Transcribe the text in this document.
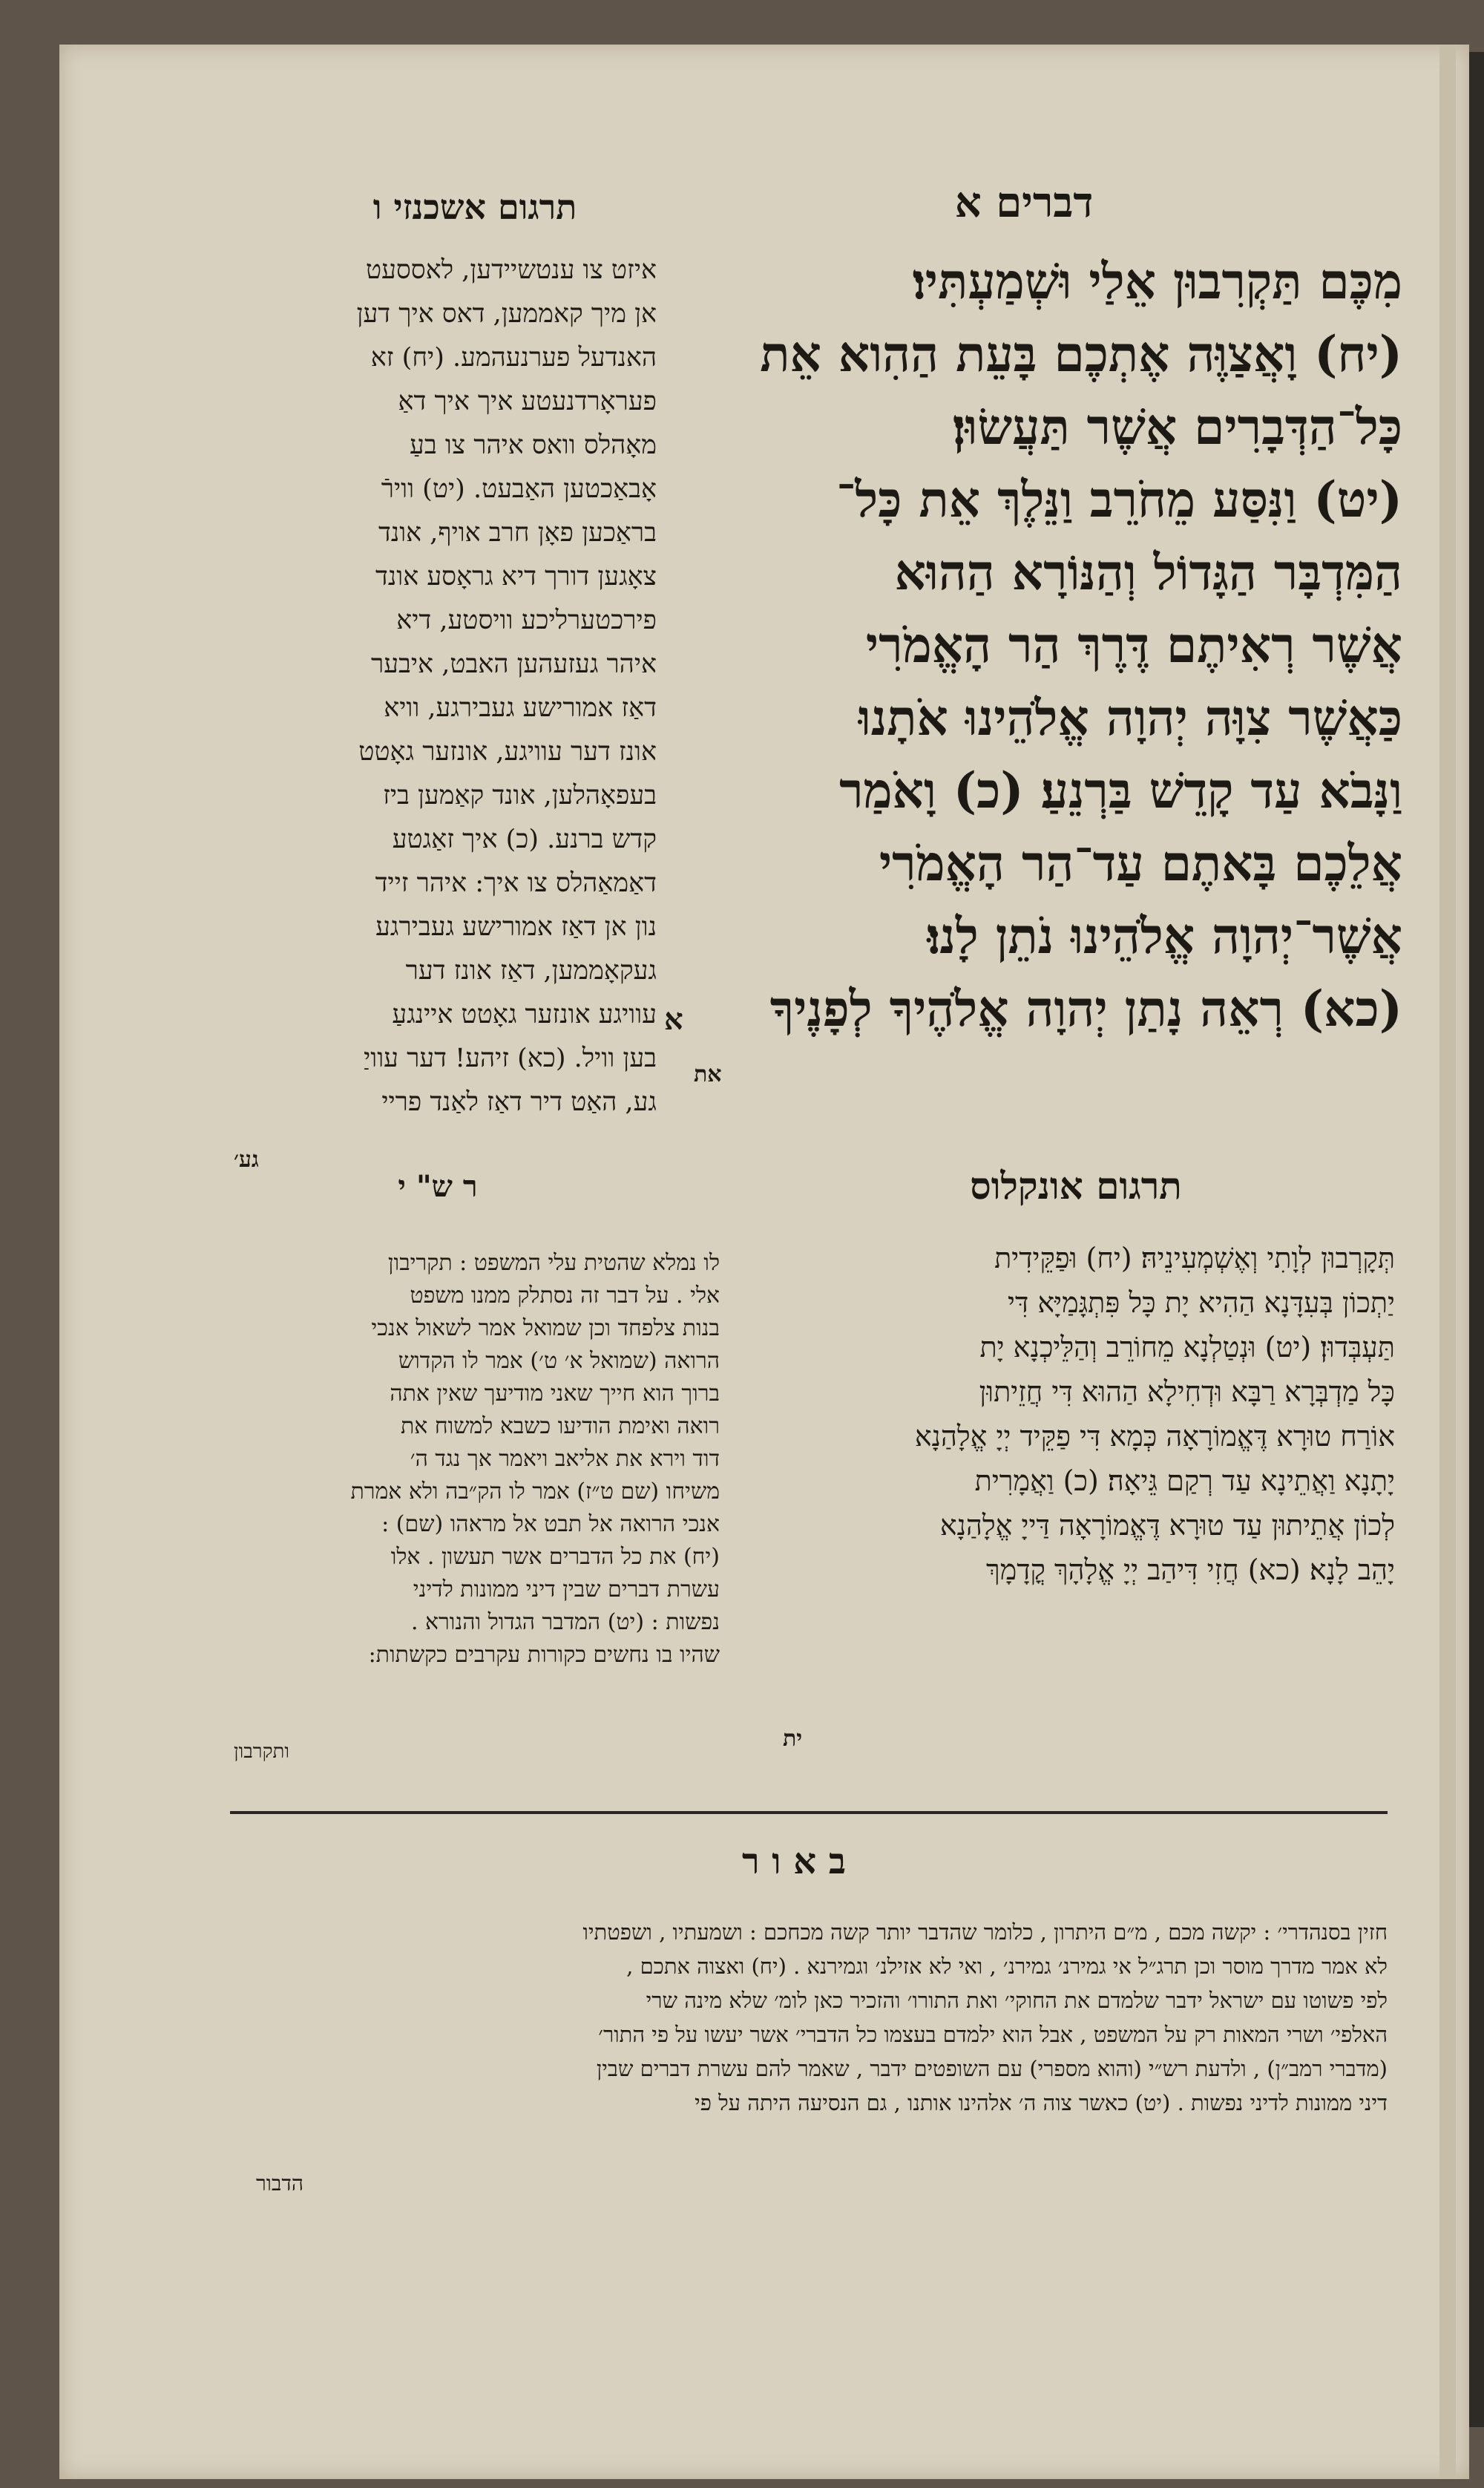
דברים א
תרגום אשכנזי ו
מִכֶּם תַּקְרִבוּן אֵלַי וּשְׁמַעְתִּיו׃
(יח) וָאֲצַוֶּה אֶתְכֶם בָּעֵת הַהִוא אֵת
כָּל־הַדְּבָרִים אֲשֶׁר תַּעֲשׂוּן׃
(יט) וַנִּסַּע מֵחֹרֵב וַנֵּלֶךְ אֵת כָּל־
הַמִּדְבָּר הַגָּדוֹל וְהַנּוֹרָא הַהוּא
אֲשֶׁר רְאִיתֶם דֶּרֶךְ הַר הָאֱמֹרִי
כַּאֲשֶׁר צִוָּה יְהוָה אֱלֹהֵינוּ אֹתָנוּ
וַנָּבֹא עַד קָדֵשׁ בַּרְנֵעַ׃ (כ) וָאֹמַר
אֲלֵכֶם בָּאתֶם עַד־הַר הָאֱמֹרִי
אֲשֶׁר־יְהוָה אֱלֹהֵינוּ נֹתֵן לָנוּ׃
(כא) רְאֵה נָתַן יְהוָה אֱלֹהֶיךָ לְפָנֶיךָ
את
א
איזט צו ענטשיידען, לאססעט
אן מיך קאממען, דאס איך דען
האנדעל פערנעהמע. (יח) זא
פעראָרדנעטע איך איך דאַ
מאָהלס וואס איהר צו בעַ
אָבאַכטען האַבעט. (יט) ווירֿ
בראַכען פאָן חרב אויף, אונד
צאָגען דורך דיא גראָסע אונד
פירכטערליכע וויסטע, דיא
איהר געזעהען האבט, איבער
דאַז אמורישע געבירגע, וויא
אונז דער עוויגע, אונזער גאָטט
בעפאָהלען, אונד קאַמען ביז
קדש ברנע. (כ) איך זאַגטע
דאַמאַהלס צו איך: איהר זייד
נון אן דאַז אמורישע געבירגע
געקאָממען, דאַז אונז דער
עוויגע אונזער גאָטט איינגעַ
בען וויל. (כא) זיהע! דער עוויַ
גע, האַט דיר דאַז לאַנד פריי
גע׳
תרגום אונקלוס
תְּקָרְבוּן לְוָתִי וְאֶשְׁמְעִינֵיהּ׃ (יח) וּפַקֵּידִית
יַתְכוֹן בְּעִדָּנָא הַהִיא יָת כָּל פִּתְגָּמַיָּא דִּי
תַּעְבְּדוּן׃ (יט) וּנְטַלְנָא מֵחוֹרֵב וְהַלֵּיכְנָא יָת
כָּל מַדְבְּרָא רַבָּא וּדְחִילָא הַהוּא דִּי חֲזֵיתוּן
אוֹרַח טוּרָא דֶּאֱמוֹרָאָה כְּמָא דִּי פַקֵּיד יְיָ אֱלָהַנָא
יָתָנָא וַאֲתֵינָא עַד רְקַם גֵּיאָה׃ (כ) וַאֲמָרִית
לְכוֹן אֲתֵיתוּן עַד טוּרָא דֶּאֱמוֹרָאָה דַּייָ אֱלָהַנָא
יָהֵב לָנָא׃ (כא) חֲזִי דִּיהַב יְיָ אֱלָהָךְ קֳדָמָךְ
ית
ר ש" י
לו נמלא שהטית עלי המשפט : תקריבון
אלי . על דבר זה נסתלק ממנו משפט
בנות צלפחד וכן שמואל אמר לשאול אנכי
הרואה (שמואל א׳ ט׳) אמר לו הקדוש
ברוך הוא חייך שאני מודיעך שאין אתה
רואה ואימת הודיעו כשבא למשוח את
דוד וירא את אליאב ויאמר אך נגד ה׳
משיחו (שם ט״ז) אמר לו הק״בה ולא אמרת
אנכי הרואה אל תבט אל מראהו (שם) :
(יח) את כל הדברים אשר תעשון . אלו
עשרת דברים שבין דיני ממונות לדיני
נפשות : (יט) המדבר הגדול והנורא .
שהיו בו נחשים כקורות עקרבים כקשתות:
ותקרבון
ב א ו ר
חזין בסנהדרי׳ : יקשה מכם , מ״ם היתרון , כלומר שהדבר יותר קשה מכחכם : ושמעתיו , ושפטתיו
לא אמר מדרך מוסר וכן תרג״ל אי גמירנ׳ גמירנ׳ , ואי לא אזילנ׳ וגמירנא . (יח) ואצוה אתכם ,
לפי פשוטו עם ישראל ידבר שלמדם את החוקי׳ ואת התורו׳ והזכיר כאן לומ׳ שלא מינה שרי
האלפי׳ ושרי המאות רק על המשפט , אבל הוא ילמדם בעצמו כל הדברי׳ אשר יעשו על פי התור׳
(מדברי רמב״ן) , ולדעת רש״י (והוא מספרי) עם השופטים ידבר , שאמר להם עשרת דברים שבין
דיני ממונות לדיני נפשות . (יט) כאשר צוה ה׳ אלהינו אותנו , גם הנסיעה היתה על פי
הדבור
